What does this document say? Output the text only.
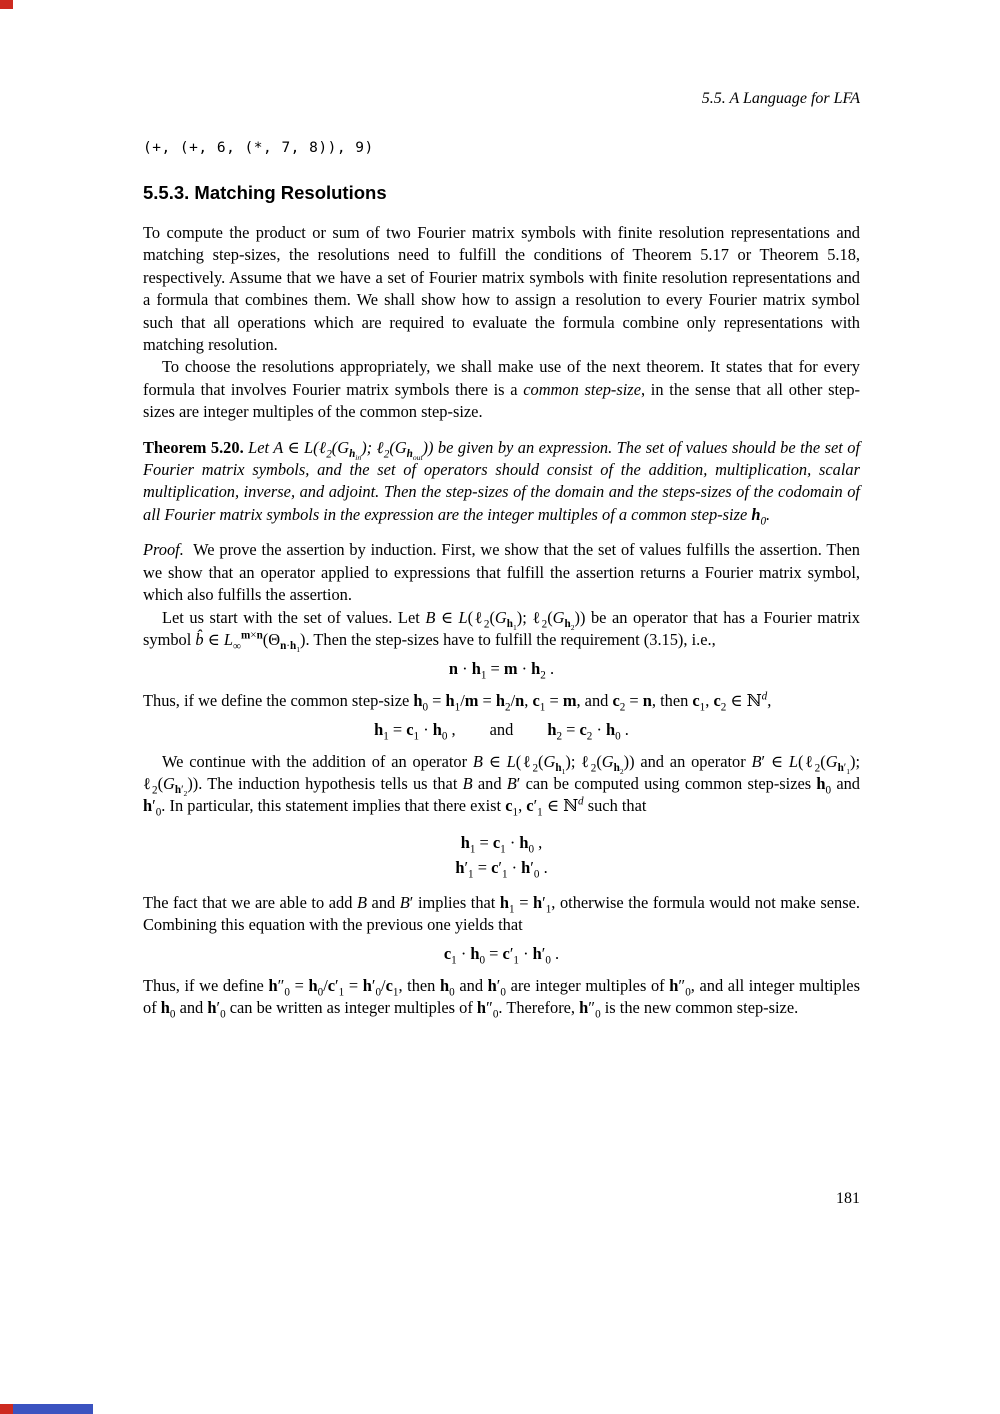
5.5. A Language for LFA
(+, (+, 6, (*, 7, 8)), 9)
5.5.3. Matching Resolutions

To compute the product or sum of two Fourier matrix symbols with finite resolution representations and matching step-sizes, the resolutions need to fulfill the conditions of Theorem 5.17 or Theorem 5.18, respectively. Assume that we have a set of Fourier matrix symbols with finite resolution representations and a formula that combines them. We shall show how to assign a resolution to every Fourier matrix symbol such that all operations which are required to evaluate the formula combine only representations with matching resolution.

To choose the resolutions appropriately, we shall make use of the next theorem. It states that for every formula that involves Fourier matrix symbols there is a common step-size, in the sense that all other step-sizes are integer multiples of the common step-size.

Theorem 5.20. Let A ∈ $L(\ell_2(G_{h_{in}})$; $\ell_2(G_{h_{out}})$) be given by an expression. The set of values should be the set of Fourier matrix symbols, and the set of operators should consist of the addition, multiplication, scalar multiplication, inverse, and adjoint. Then the step-sizes of the domain and the steps-sizes of the codomain of all Fourier matrix symbols in the expression are the integer multiples of a common step-size $h_0$.

Proof.  We prove the assertion by induction. First, we show that the set of values fulfills the assertion. Then we show that an operator applied to expressions that fulfill the assertion returns a Fourier matrix symbol, which also fulfills the assertion.

Let us start with the set of values. Let B ∈ $L(\ell_2(G_{h_1})$; $\ell_2(G_{h_2})$) be an operator that has a Fourier matrix symbol b̂ ∈ $L_\infty^{m\times n}(\Theta_{n\cdot h_1})$. Then the step-sizes have to fulfill the requirement (3.15), i.e.,

$n \cdot h_1 = m \cdot h_2$ .

Thus, if we define the common step-size $h_0 = h_1/m = h_2/n$, $c_1 = m$, and $c_2 = n$, then $c_1$, $c_2$ ∈ ℕ$^d$,

$h_1 = c_1 \cdot h_0$ , and $h_2 = c_2 \cdot h_0$ .

We continue with the addition of an operator B ∈ $L(\ell_2(G_{h_1})$; $\ell_2(G_{h_2})$) and an operator B′ ∈ $L(\ell_2(G_{h'_1})$; $\ell_2(G_{h'_2})$). The induction hypothesis tells us that B and B′ can be computed using common step-sizes $h_0$ and $h'_0$. In particular, this statement implies that there exist $c_1$, $c'_1$ ∈ ℕ$^d$ such that

$h_1 = c_1 \cdot h_0$ ,
$h'_1 = c'_1 \cdot h'_0$ .

The fact that we are able to add B and B′ implies that $h_1 = h'_1$, otherwise the formula would not make sense. Combining this equation with the previous one yields that

$c_1 \cdot h_0 = c'_1 \cdot h'_0$ .

Thus, if we define $h''_0 = h_0/c'_1 = h'_0/c_1$, then $h_0$ and $h'_0$ are integer multiples of $h''_0$, and all integer multiples of $h_0$ and $h'_0$ can be written as integer multiples of $h''_0$. Therefore, $h''_0$ is the new common step-size.

181
